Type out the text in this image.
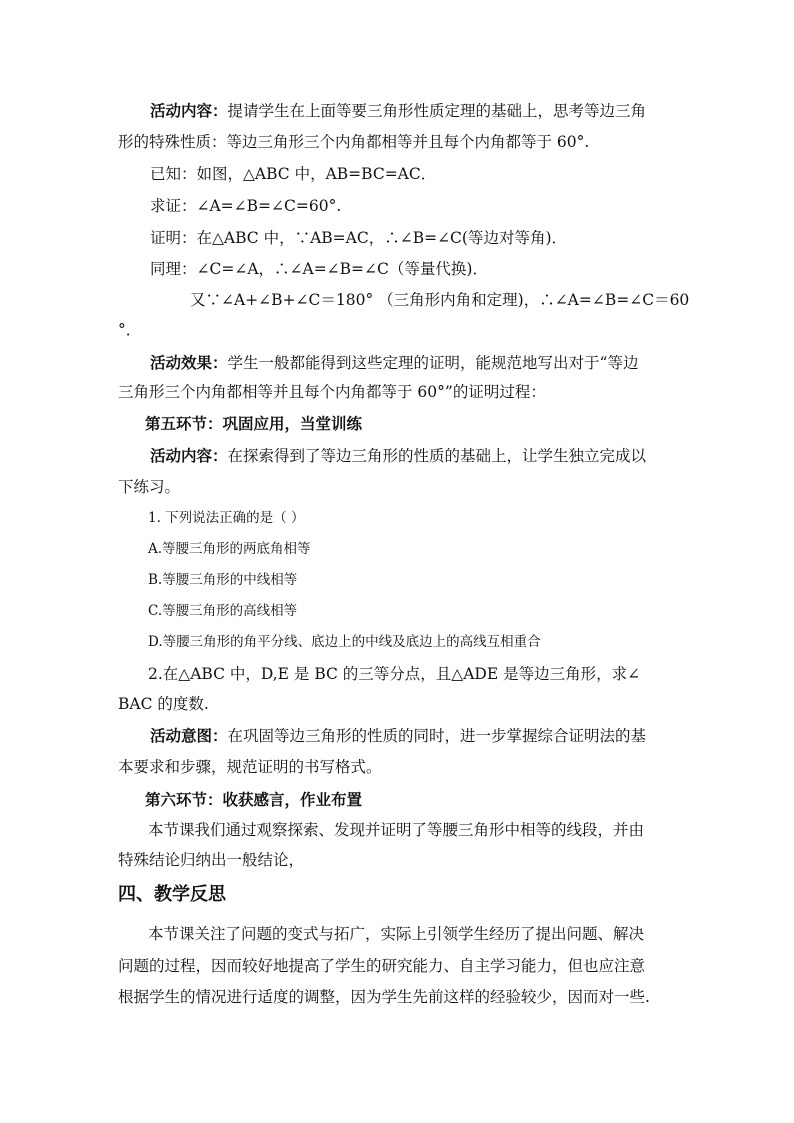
活动内容：提请学生在上面等要三角形性质定理的基础上，思考等边三角
形的特殊性质：等边三角形三个内角都相等并且每个内角都等于 60°.
已知：如图，△ABC 中，AB=BC=AC．
求证：∠A=∠B=∠C=60°.
证明：在△ABC 中，∵AB=AC，∴∠B=∠C(等边对等角)．
同理：∠C=∠A，∴∠A=∠B=∠C（等量代换)．
又∵∠A+∠B+∠C＝180° （三角形内角和定理)，∴∠A=∠B=∠C＝60
°．
活动效果：学生一般都能得到这些定理的证明，能规范地写出对于“等边
三角形三个内角都相等并且每个内角都等于 60°”的证明过程：
第五环节：巩固应用，当堂训练
活动内容：在探索得到了等边三角形的性质的基础上，让学生独立完成以
下练习。
1. 下列说法正确的是（ ）
A.等腰三角形的两底角相等
B.等腰三角形的中线相等
C.等腰三角形的高线相等
D.等腰三角形的角平分线、底边上的中线及底边上的高线互相重合
2.在△ABC 中，D,E 是 BC 的三等分点，且△ADE 是等边三角形，求∠
BAC 的度数.
活动意图：在巩固等边三角形的性质的同时，进一步掌握综合证明法的基
本要求和步骤，规范证明的书写格式。
第六环节：收获感言，作业布置
本节课我们通过观察探索、发现并证明了等腰三角形中相等的线段，并由
特殊结论归纳出一般结论，
四、教学反思
本节课关注了问题的变式与拓广，实际上引领学生经历了提出问题、解决
问题的过程，因而较好地提高了学生的研究能力、自主学习能力，但也应注意
根据学生的情况进行适度的调整，因为学生先前这样的经验较少，因而对一些.
